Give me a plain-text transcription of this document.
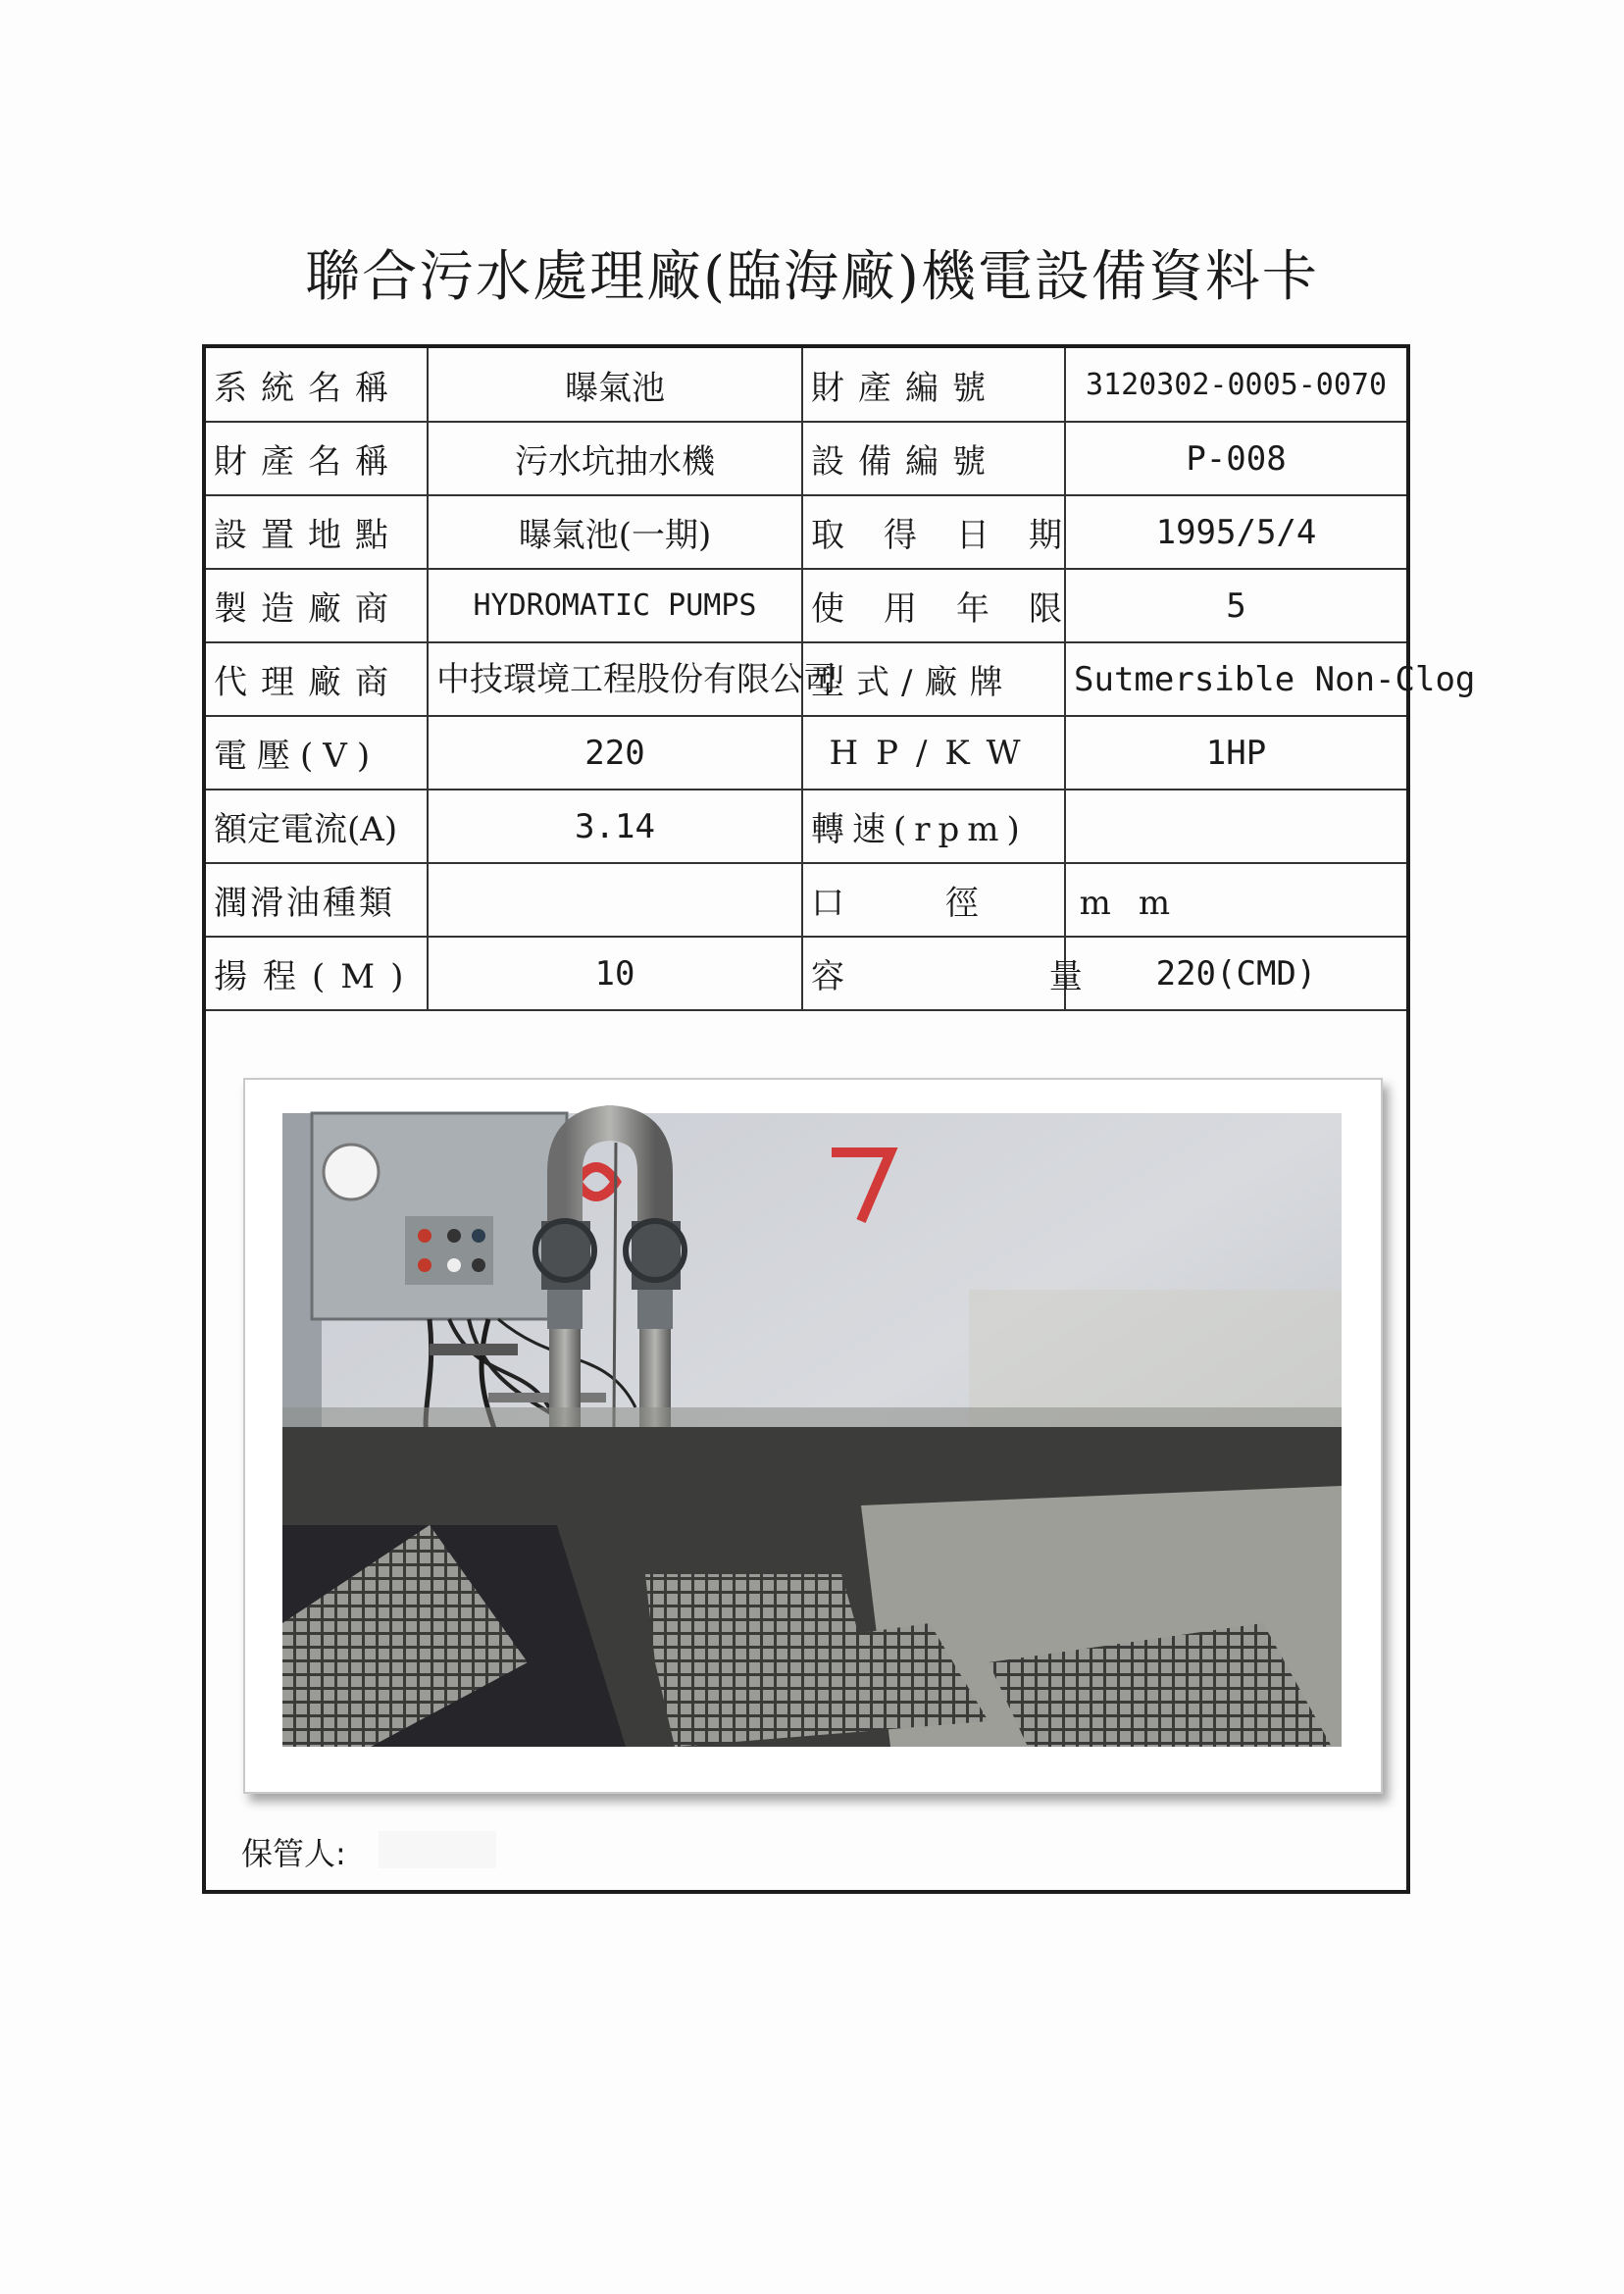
聯合污水處理廠(臨海廠)機電設備資料卡
系統名稱	曝氣池	財產編號	3120302-0005-0070
財產名稱	污水坑抽水機	設備編號	P-008
設置地點	曝氣池(一期)	取得日期	1995/5/4
製造廠商	HYDROMATIC PUMPS	使用年限	5
代理廠商	中技環境工程股份有限公司	型式/廠牌	Sutmersible Non-Clog
電壓(V)	220	HP/KW	1HP
額定電流(A)	3.14	轉速(rpm)	
潤滑油種類		口 徑 mm	
揚程(M)	10	容 量	220(CMD)
保管人:
